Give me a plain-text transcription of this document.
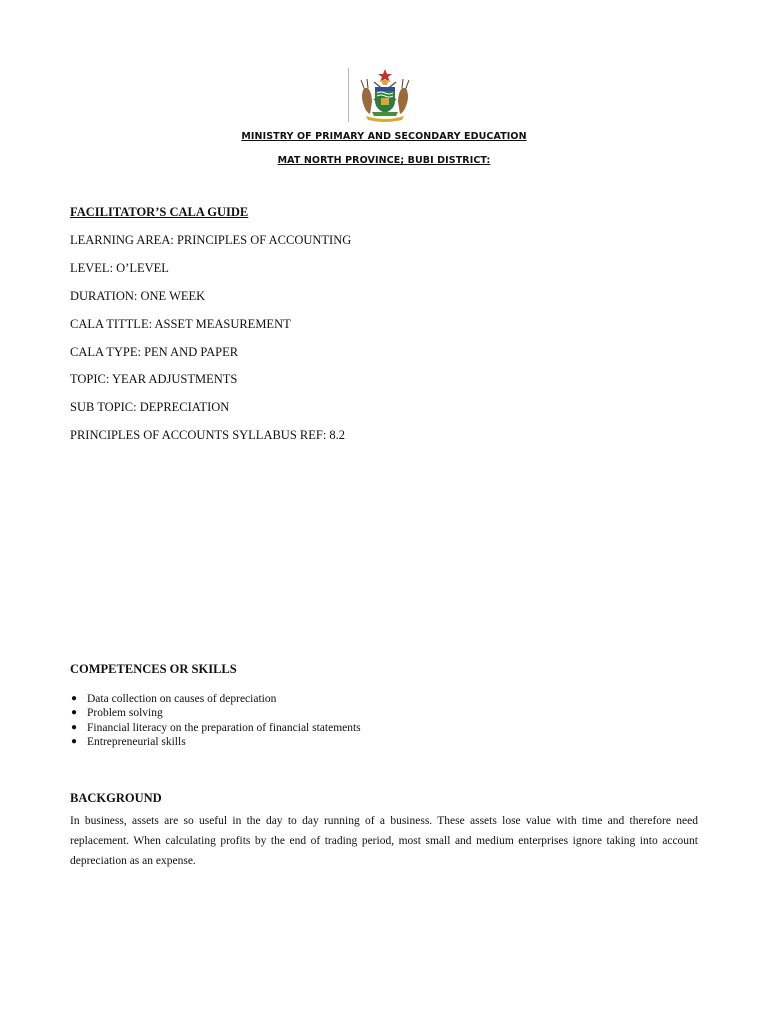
MINISTRY OF PRIMARY AND SECONDARY EDUCATION
MAT NORTH PROVINCE; BUBI DISTRICT:
FACILITATOR’S CALA GUIDE
LEARNING AREA: PRINCIPLES OF ACCOUNTING
LEVEL: O’LEVEL
DURATION: ONE WEEK
CALA TITTLE: ASSET MEASUREMENT
CALA TYPE: PEN AND PAPER
TOPIC: YEAR ADJUSTMENTS
SUB TOPIC: DEPRECIATION
PRINCIPLES OF ACCOUNTS SYLLABUS REF: 8.2
COMPETENCES OR SKILLS
● Data collection on causes of depreciation
● Problem solving
● Financial literacy on the preparation of financial statements
● Entrepreneurial skills
BACKGROUND
In business, assets are so useful in the day to day running of a business. These assets lose value with time and therefore need replacement. When calculating profits by the end of trading period, most small and medium enterprises ignore taking into account depreciation as an expense.
